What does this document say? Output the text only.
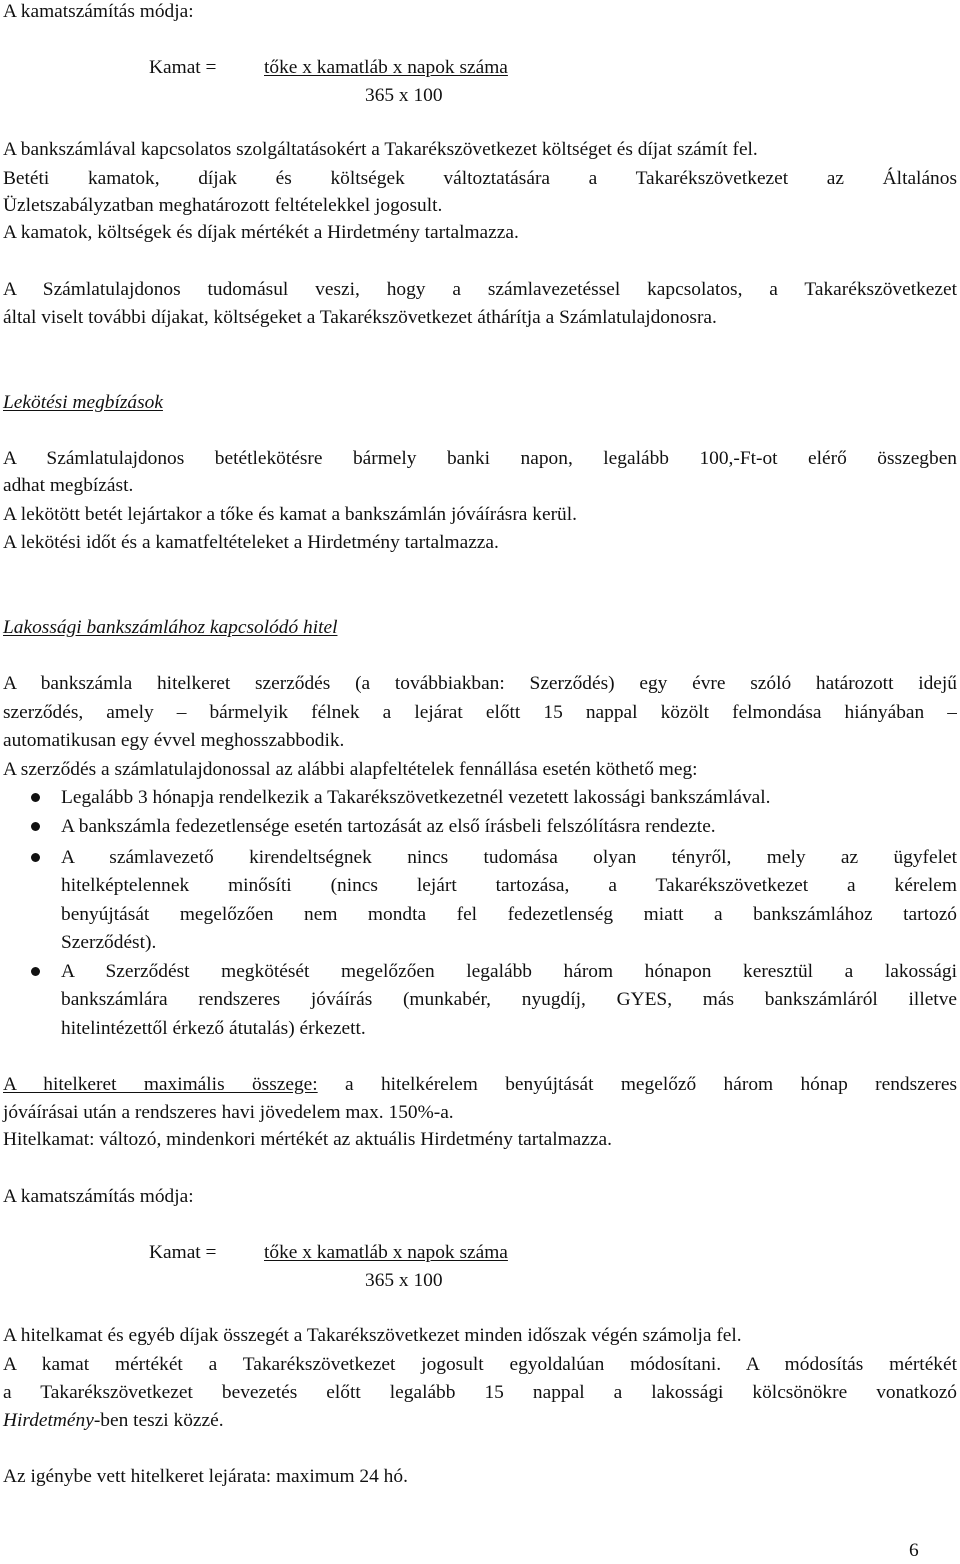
A kamatszámítás módja:
Kamat = tőke x kamatláb x napok száma
365 x 100
A bankszámlával kapcsolatos szolgáltatásokért a Takarékszövetkezet költséget és díjat számít fel.
Betéti kamatok, díjak és költségek változtatására a Takarékszövetkezet az Általános
Üzletszabályzatban meghatározott feltételekkel jogosult.
A kamatok, költségek és díjak mértékét a Hirdetmény tartalmazza.
A Számlatulajdonos tudomásul veszi, hogy a számlavezetéssel kapcsolatos, a Takarékszövetkezet
által viselt további díjakat, költségeket a Takarékszövetkezet áthárítja a Számlatulajdonosra.
Lekötési megbízások
A Számlatulajdonos betétlekötésre bármely banki napon, legalább 100,-Ft-ot elérő összegben
adhat megbízást.
A lekötött betét lejártakor a tőke és kamat a bankszámlán jóváírásra kerül.
A lekötési időt és a kamatfeltételeket a Hirdetmény tartalmazza.
Lakossági bankszámlához kapcsolódó hitel
A bankszámla hitelkeret szerződés (a továbbiakban: Szerződés) egy évre szóló határozott idejű
szerződés, amely – bármelyik félnek a lejárat előtt 15 nappal közölt felmondása hiányában –
automatikusan egy évvel meghosszabbodik.
A szerződés a számlatulajdonossal az alábbi alapfeltételek fennállása esetén köthető meg:
Legalább 3 hónapja rendelkezik a Takarékszövetkezetnél vezetett lakossági bankszámlával.
A bankszámla fedezetlensége esetén tartozását az első írásbeli felszólításra rendezte.
A számlavezető kirendeltségnek nincs tudomása olyan tényről, mely az ügyfelet
hitelképtelennek minősíti (nincs lejárt tartozása, a Takarékszövetkezet a kérelem
benyújtását megelőzően nem mondta fel fedezetlenség miatt a bankszámlához tartozó
Szerződést).
A Szerződést megkötését megelőzően legalább három hónapon keresztül a lakossági
bankszámlára rendszeres jóváírás (munkabér, nyugdíj, GYES, más bankszámláról illetve
hitelintézettől érkező átutalás) érkezett.
A hitelkeret maximális összege: a hitelkérelem benyújtását megelőző három hónap rendszeres
jóváírásai után a rendszeres havi jövedelem max. 150%-a.
Hitelkamat: változó, mindenkori mértékét az aktuális Hirdetmény tartalmazza.
A kamatszámítás módja:
Kamat = tőke x kamatláb x napok száma
365 x 100
A hitelkamat és egyéb díjak összegét a Takarékszövetkezet minden időszak végén számolja fel.
A kamat mértékét a Takarékszövetkezet jogosult egyoldalúan módosítani. A módosítás mértékét
a Takarékszövetkezet bevezetés előtt legalább 15 nappal a lakossági kölcsönökre vonatkozó
Hirdetmény-ben teszi közzé.
Az igénybe vett hitelkeret lejárata: maximum 24 hó.
6
